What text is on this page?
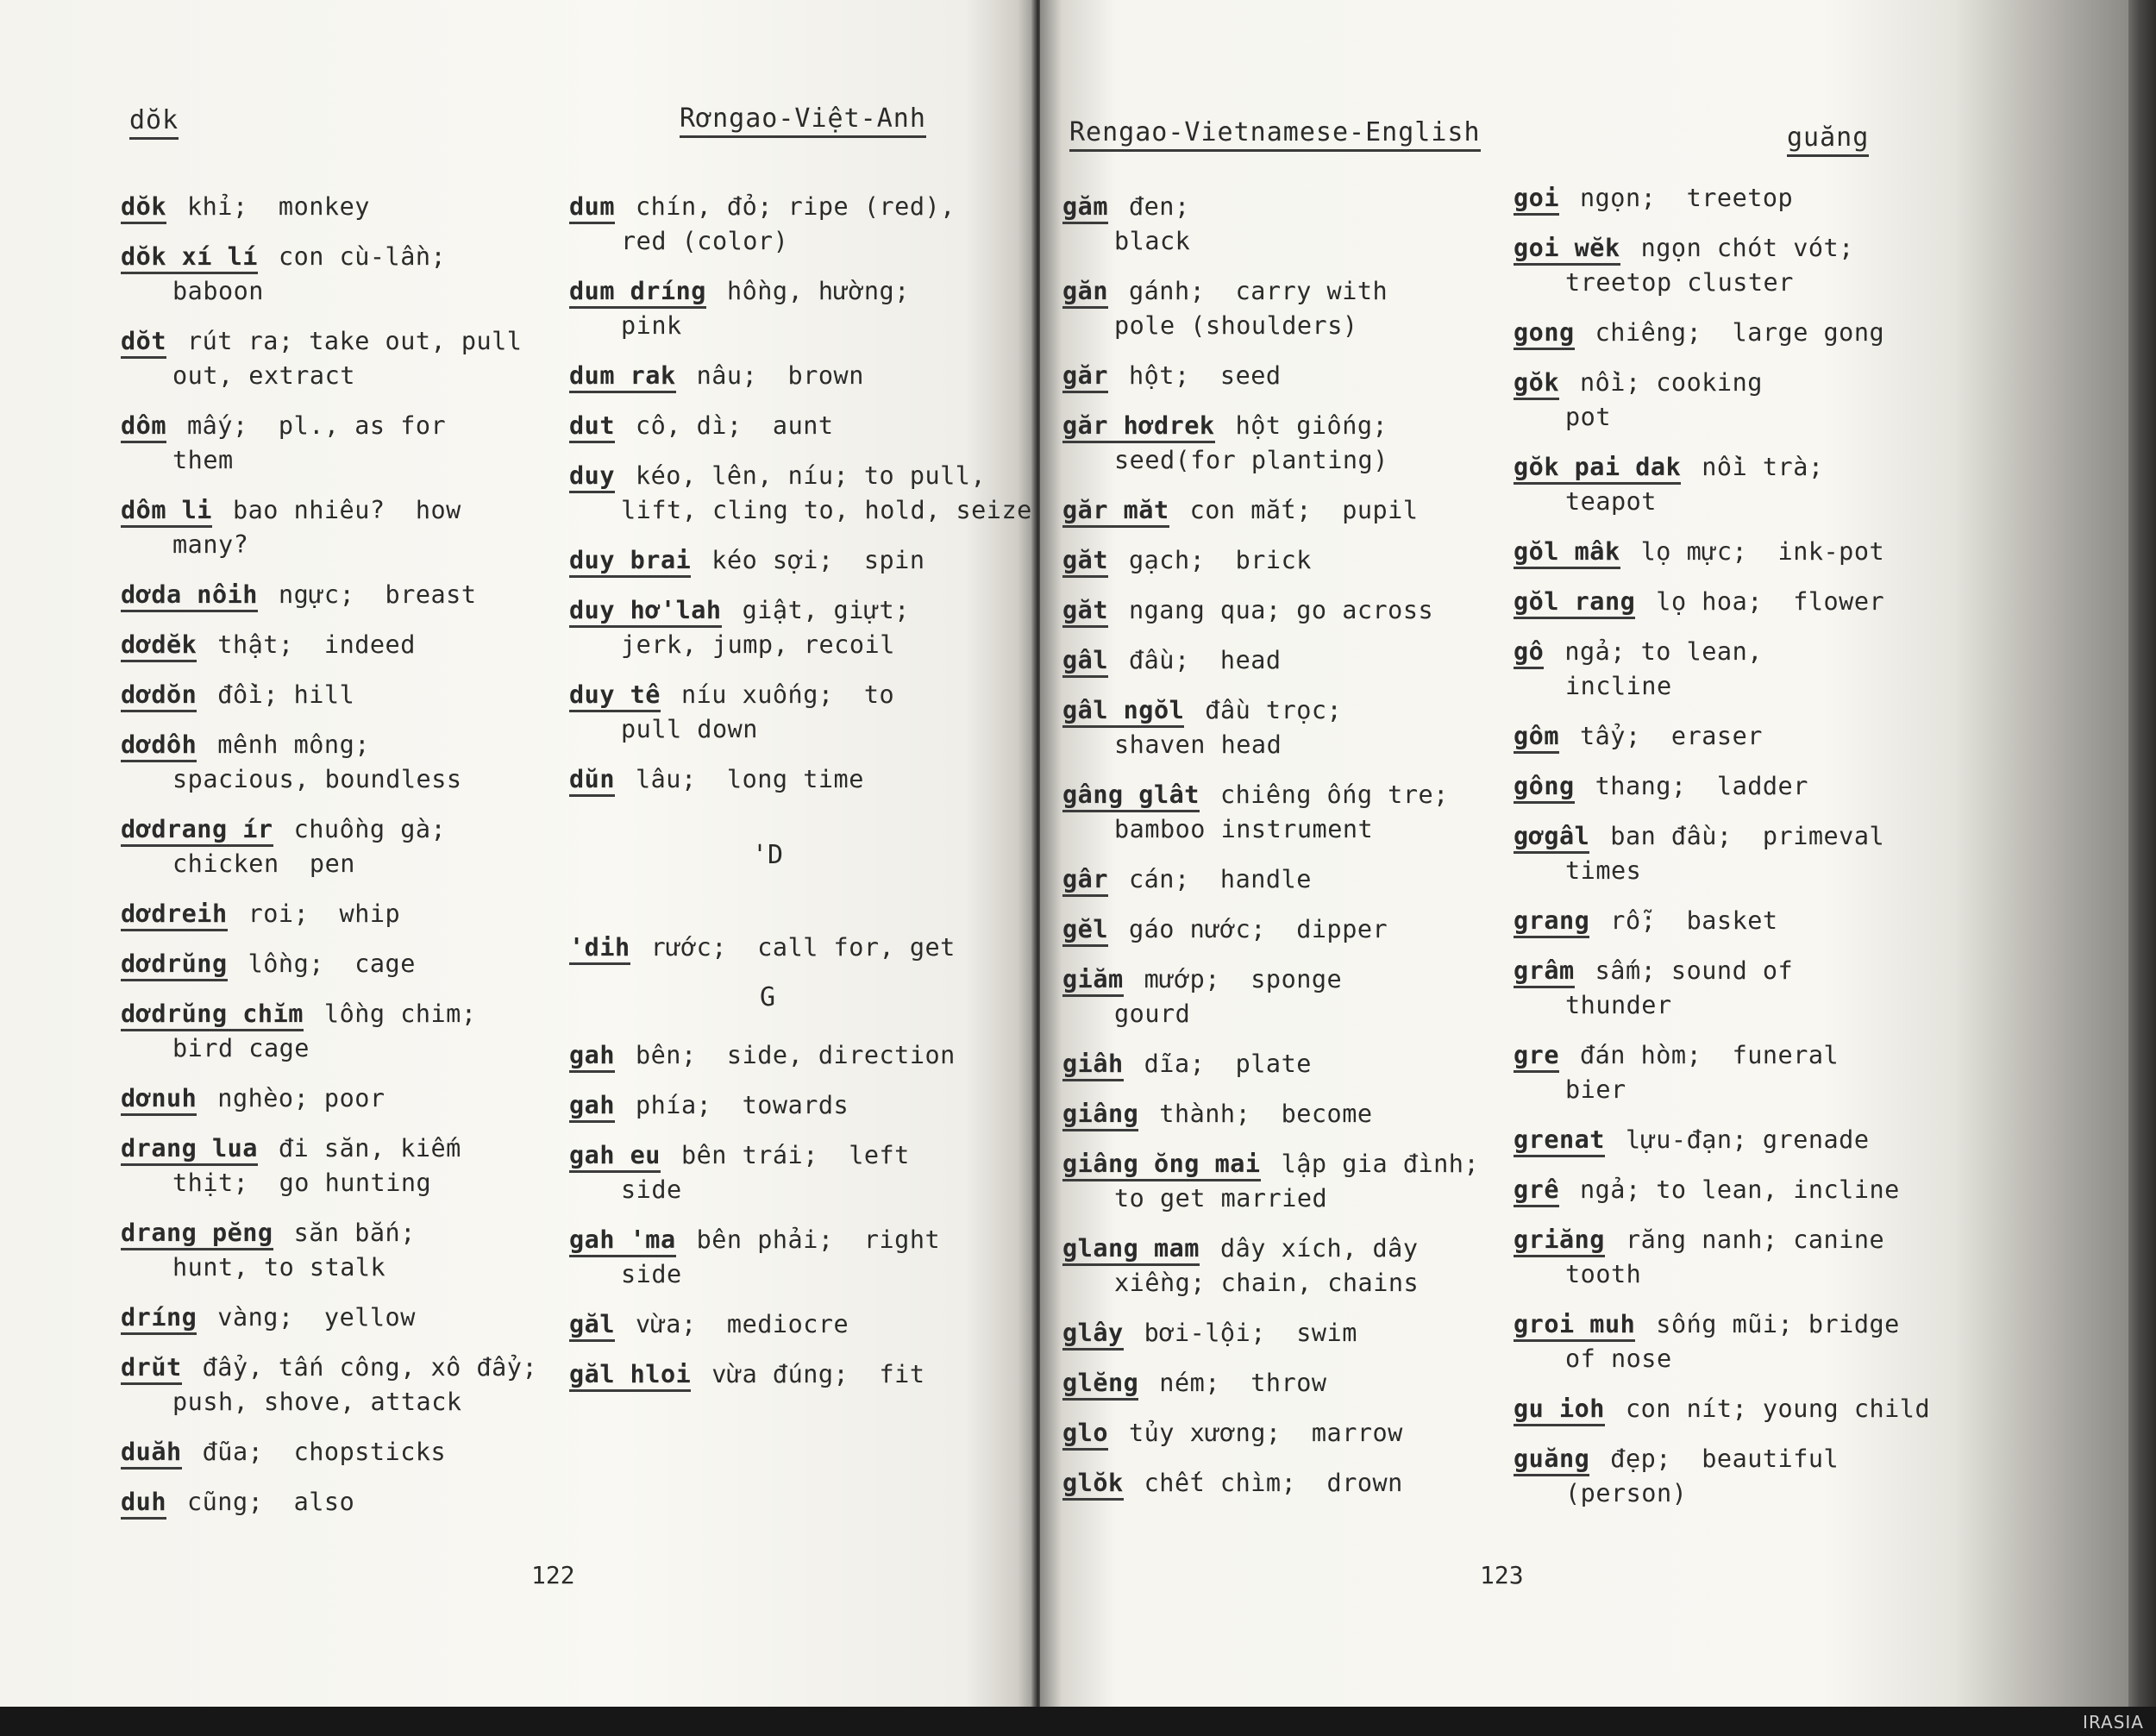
dŏk	Rơngao-Việt-Anh	Rengao-Vietnamese-English	guăng
dŏk khỉ;  monkey
dŏk xí lí con cù-lần;
baboon
dŏt rút ra; take out, pull
out, extract
dôm mấy;  pl., as for
them
dôm li bao nhiêu?  how
many?
dơda nôih ngực;  breast
dơdĕk thật;  indeed
dơdŏn đồi; hill
dơdôh mênh mông;
spacious, boundless
dơdrang ír chuồng gà;
chicken  pen
dơdreih roi;  whip
dơdrŭng lồng;  cage
dơdrŭng chĭm lồng chim;
bird cage
dơnuh nghèo; poor
drang lua đi săn, kiếm
thịt;  go hunting
drang pĕng săn bắn;
hunt, to stalk
dríng vàng;  yellow
drŭt đẩy, tấn công, xô đẩy;
push, shove, attack
duăh đũa;  chopsticks
duh cũng;  also
dum chín, đỏ; ripe (red),
red (color)
dum dríng hồng, hường;
pink
dum rak nâu;  brown
dut cô, dì;  aunt
duy kéo, lên, níu; to pull,
lift, cling to, hold, seize
duy brai kéo sợi;  spin
duy hơ'lah giật, giựt;
jerk, jump, recoil
duy tê níu xuống;  to
pull down
dŭn lâu;  long time
'D
'dih rước;  call for, get
G
gah bên;  side, direction
gah phía;  towards
gah eu bên trái;  left
side
gah 'ma bên phải;  right
side
găl vừa;  mediocre
găl hloi vừa đúng;  fit
găm đen;
black
găn gánh;  carry with
pole (shoulders)
găr hột;  seed
găr hơdrek hột giống;
seed(for planting)
găr măt con mắt;  pupil
găt gạch;  brick
găt ngang qua; go across
gâl đầu;  head
gâl ngŏl đầu trọc;
shaven head
gâng glât chiêng ống tre;
bamboo instrument
gâr cán;  handle
gĕl gáo nước;  dipper
giăm mướp;  sponge
gourd
giâh dĩa;  plate
giâng thành;  become
giâng ŏng mai lập gia đình;
to get married
glang mam dây xích, dây
xiềng; chain, chains
glây bơi-lội;  swim
glĕng ném;  throw
glo tủy xương;  marrow
glŏk chết chìm;  drown
goi ngọn;  treetop
goi wĕk ngọn chót vót;
treetop cluster
gong chiêng;  large gong
gŏk nồi; cooking
pot
gŏk pai dak nồi trà;
teapot
gŏl mâk lọ mực;  ink-pot
gŏl rang lọ hoa;  flower
gô ngả; to lean,
incline
gôm tẩy;  eraser
gông thang;  ladder
gơgâl ban đầu;  primeval
times
grang rỗ;  basket
grâm sấm; sound of
thunder
gre đán hòm;  funeral
bier
grenat lựu-đạn; grenade
grê ngả; to lean, incline
griăng răng nanh; canine
tooth
groi muh sống mũi; bridge
of nose
gu ioh con nít; young child
guăng đẹp;  beautiful
(person)
122	123
IRASIA
